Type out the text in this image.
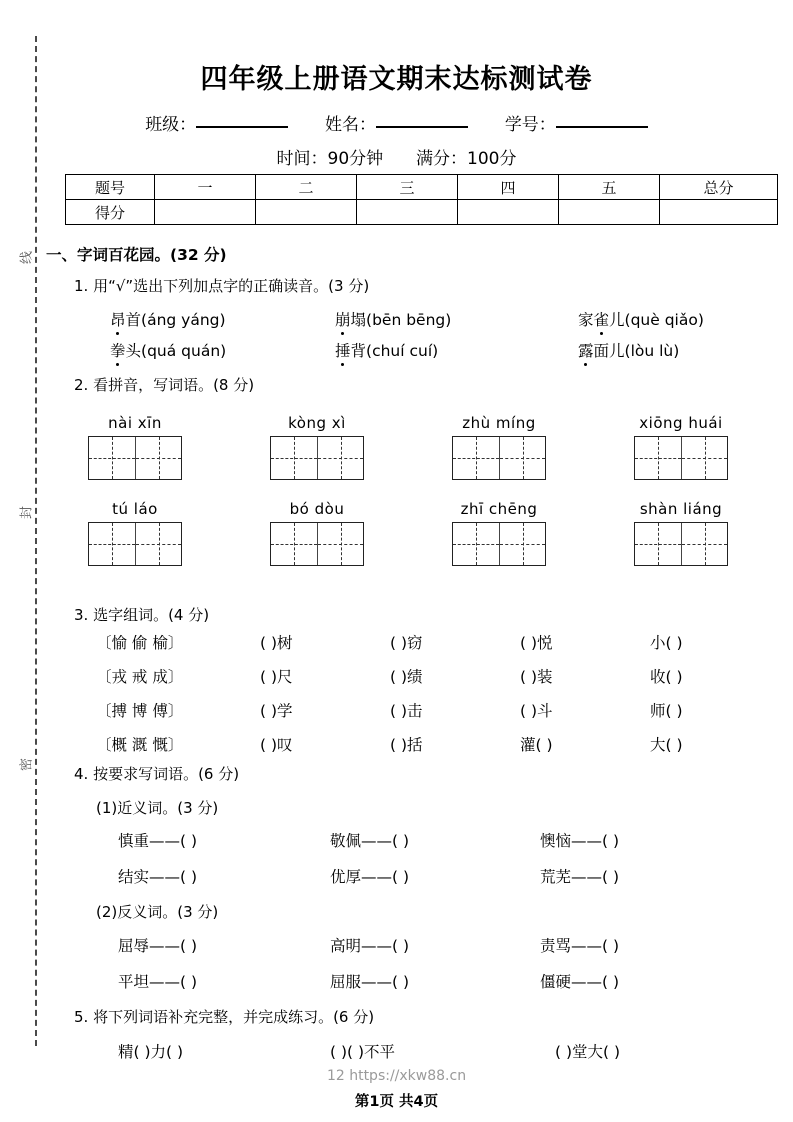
线
封
密
四年级上册语文期末达标测试卷
班级：	姓名：	学号：
时间：90分钟 满分：100分
题号	一	二	三	四	五	总分
得分						
一、字词百花园。(32 分)
1. 用“√”选出下列加点字的正确读音。(3 分)
昂首(áng yáng)	崩塌(bēn bēng)	家雀儿(què qiǎo)
拳头(quá quán)	捶背(chuí cuí)	露面儿(lòu lù)
2. 看拼音，写词语。(8 分)
nài xīn	kòng xì	zhù míng	xiōng huái
tú láo	bó dòu	zhī chēng	shàn liáng
3. 选字组词。(4 分)
〔愉 偷 榆〕	( )树	( )窃	( )悦	小( )
〔戎 戒 成〕	( )尺	( )绩	( )装	收( )
〔搏 博 傅〕	( )学	( )击	( )斗	师( )
〔概 溉 慨〕	( )叹	( )括	灌( )	大( )
4. 按要求写词语。(6 分)
(1)近义词。(3 分)
慎重——( )	敬佩——( )	懊恼——( )
结实——( )	优厚——( )	荒芜——( )
(2)反义词。(3 分)
屈辱——( )	高明——( )	责骂——( )
平坦——( )	屈服——( )	僵硬——( )
5. 将下列词语补充完整，并完成练习。(6 分)
精( )力( )	( )( )不平	( )堂大( )
12 https://xkw88.cn
第1页 共4页
